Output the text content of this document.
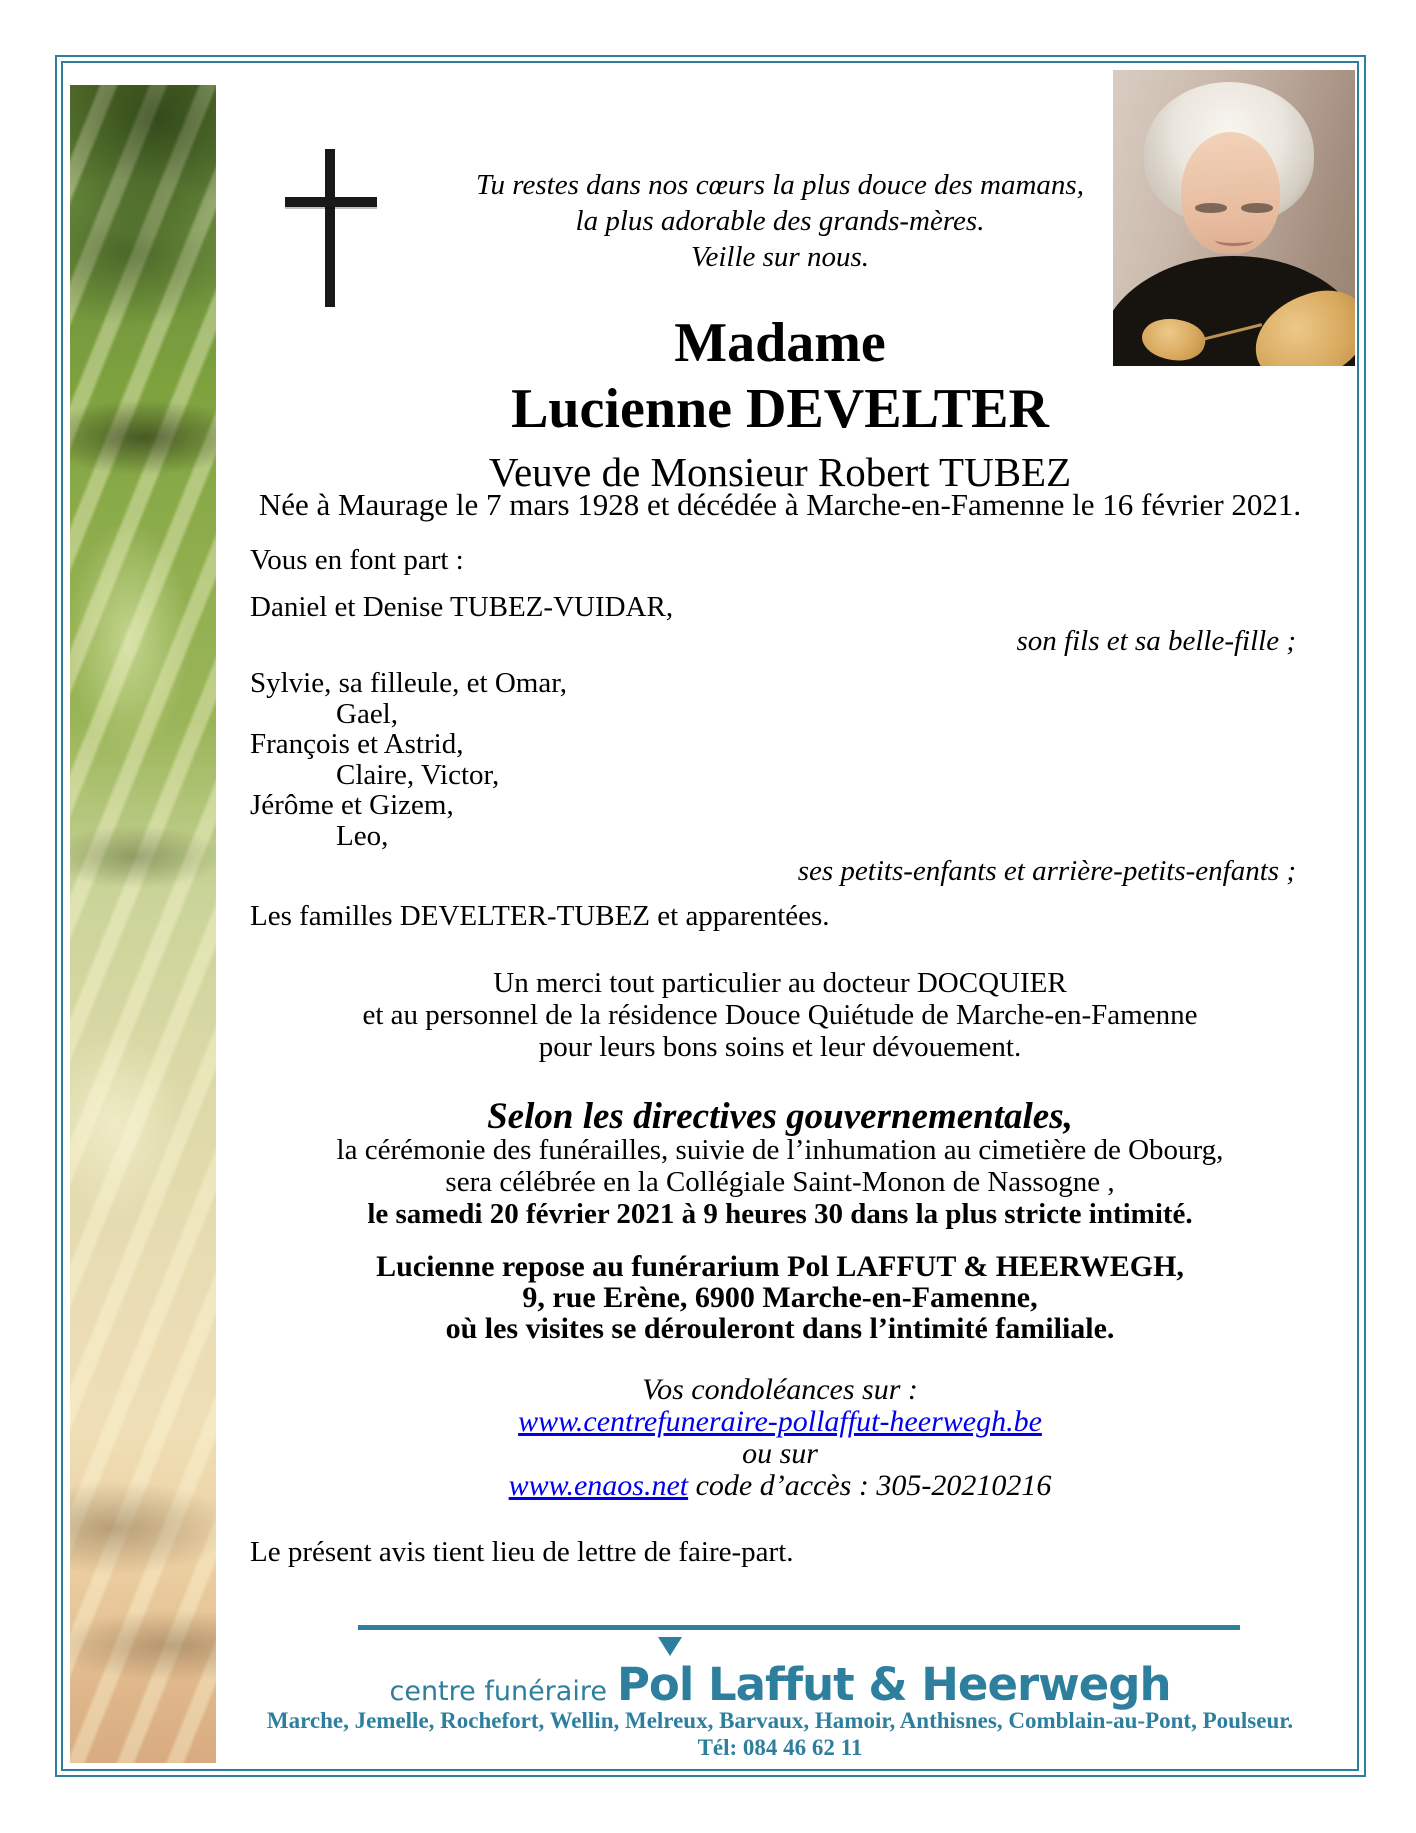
Tu restes dans nos cœurs la plus douce des mamans,
la plus adorable des grands-mères.
Veille sur nous.
Madame
Lucienne DEVELTER
Veuve de Monsieur Robert TUBEZ
Née à Maurage le 7 mars 1928 et décédée à Marche-en-Famenne le 16 février 2021.
Vous en font part :
Daniel et Denise TUBEZ-VUIDAR,
son fils et sa belle-fille ;
Sylvie, sa filleule, et Omar,
Gael,
François et Astrid,
Claire, Victor,
Jérôme et Gizem,
Leo,
ses petits-enfants et arrière-petits-enfants ;
Les familles DEVELTER-TUBEZ et apparentées.
Un merci tout particulier au docteur DOCQUIER
et au personnel de la résidence Douce Quiétude de Marche-en-Famenne
pour leurs bons soins et leur dévouement.
Selon les directives gouvernementales,
la cérémonie des funérailles, suivie de l’inhumation au cimetière de Obourg,
sera célébrée en la Collégiale Saint-Monon de Nassogne ,
le samedi 20 février 2021 à 9 heures 30 dans la plus stricte intimité.
Lucienne repose au funérarium Pol LAFFUT & HEERWEGH,
9, rue Erène, 6900 Marche-en-Famenne,
où les visites se dérouleront dans l’intimité familiale.
Vos condoléances sur :
www.centrefuneraire-pollaffut-heerwegh.be
ou sur
www.enaos.net code d’accès : 305-20210216
Le présent avis tient lieu de lettre de faire-part.
centre funéraire Pol Laffut & Heerwegh
Marche, Jemelle, Rochefort, Wellin, Melreux, Barvaux, Hamoir, Anthisnes, Comblain-au-Pont, Poulseur.
Tél: 084 46 62 11
